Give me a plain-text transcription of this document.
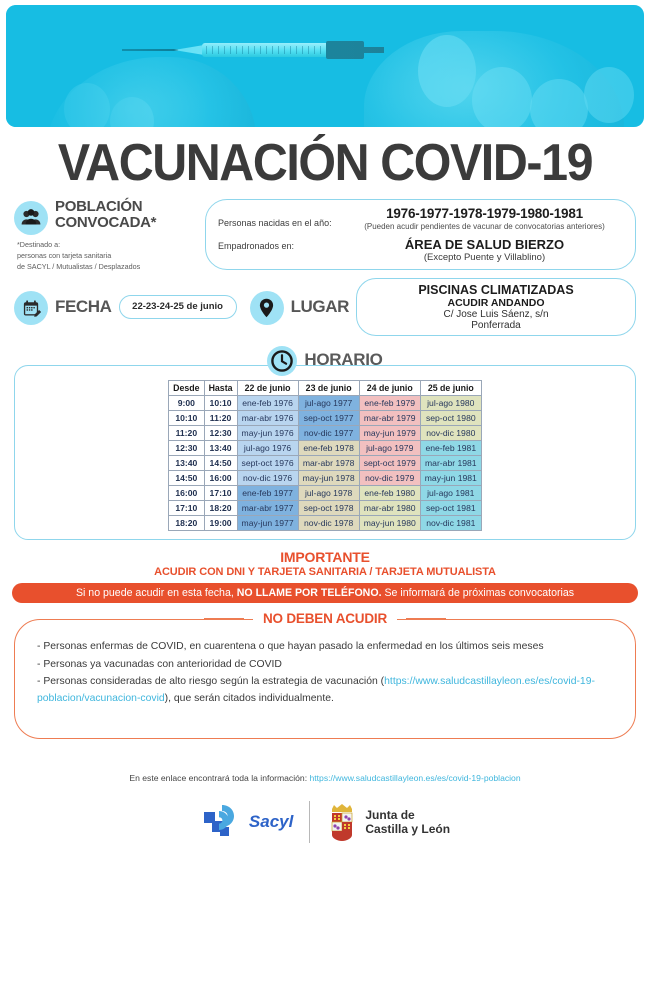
VACUNACIÓN COVID-19
POBLACIÓN
CONVOCADA*
*Destinado a:
personas con tarjeta sanitaria
de SACYL / Mutualistas / Desplazados
Personas nacidas en el año:
Empadronados en:
1976-1977-1978-1979-1980-1981
(Pueden acudir pendientes de vacunar de convocatorias anteriores)
ÁREA DE SALUD BIERZO
(Excepto Puente y Villablino)
FECHA	22-23-24-25 de junio	LUGAR
PISCINAS CLIMATIZADAS
ACUDIR ANDANDO
C/ Jose Luis Sáenz, s/n
Ponferrada
HORARIO
Desde	Hasta	22 de junio	23 de junio	24 de junio	25 de junio
9:00	10:10	ene-feb 1976	jul-ago 1977	ene-feb 1979	jul-ago 1980
10:10	11:20	mar-abr 1976	sep-oct 1977	mar-abr 1979	sep-oct 1980
11:20	12:30	may-jun 1976	nov-dic 1977	may-jun 1979	nov-dic 1980
12:30	13:40	jul-ago 1976	ene-feb 1978	jul-ago 1979	ene-feb 1981
13:40	14:50	sept-oct 1976	mar-abr 1978	sept-oct 1979	mar-abr 1981
14:50	16:00	nov-dic 1976	may-jun 1978	nov-dic 1979	may-jun 1981
16:00	17:10	ene-feb 1977	jul-ago 1978	ene-feb 1980	jul-ago 1981
17:10	18:20	mar-abr 1977	sep-oct 1978	mar-abr 1980	sep-oct 1981
18:20	19:00	may-jun 1977	nov-dic 1978	may-jun 1980	nov-dic 1981
IMPORTANTE
ACUDIR CON DNI Y TARJETA SANITARIA / TARJETA MUTUALISTA
Si no puede acudir en esta fecha, NO LLAME POR TELÉFONO. Se informará de próximas convocatorias
- Personas enfermas de COVID, en cuarentena o que hayan pasado la enfermedad en los últimos seis meses
- Personas ya vacunadas con anterioridad de COVID
- Personas consideradas de alto riesgo según la estrategia de vacunación (https://www.saludcastillayleon.es/es/covid-19-poblacion/vacunacion-covid), que serán citados individualmente.
NO DEBEN ACUDIR
En este enlace encontrará toda la información: https://www.saludcastillayleon.es/es/covid-19-poblacion
Sacyl	Junta de
Castilla y León
